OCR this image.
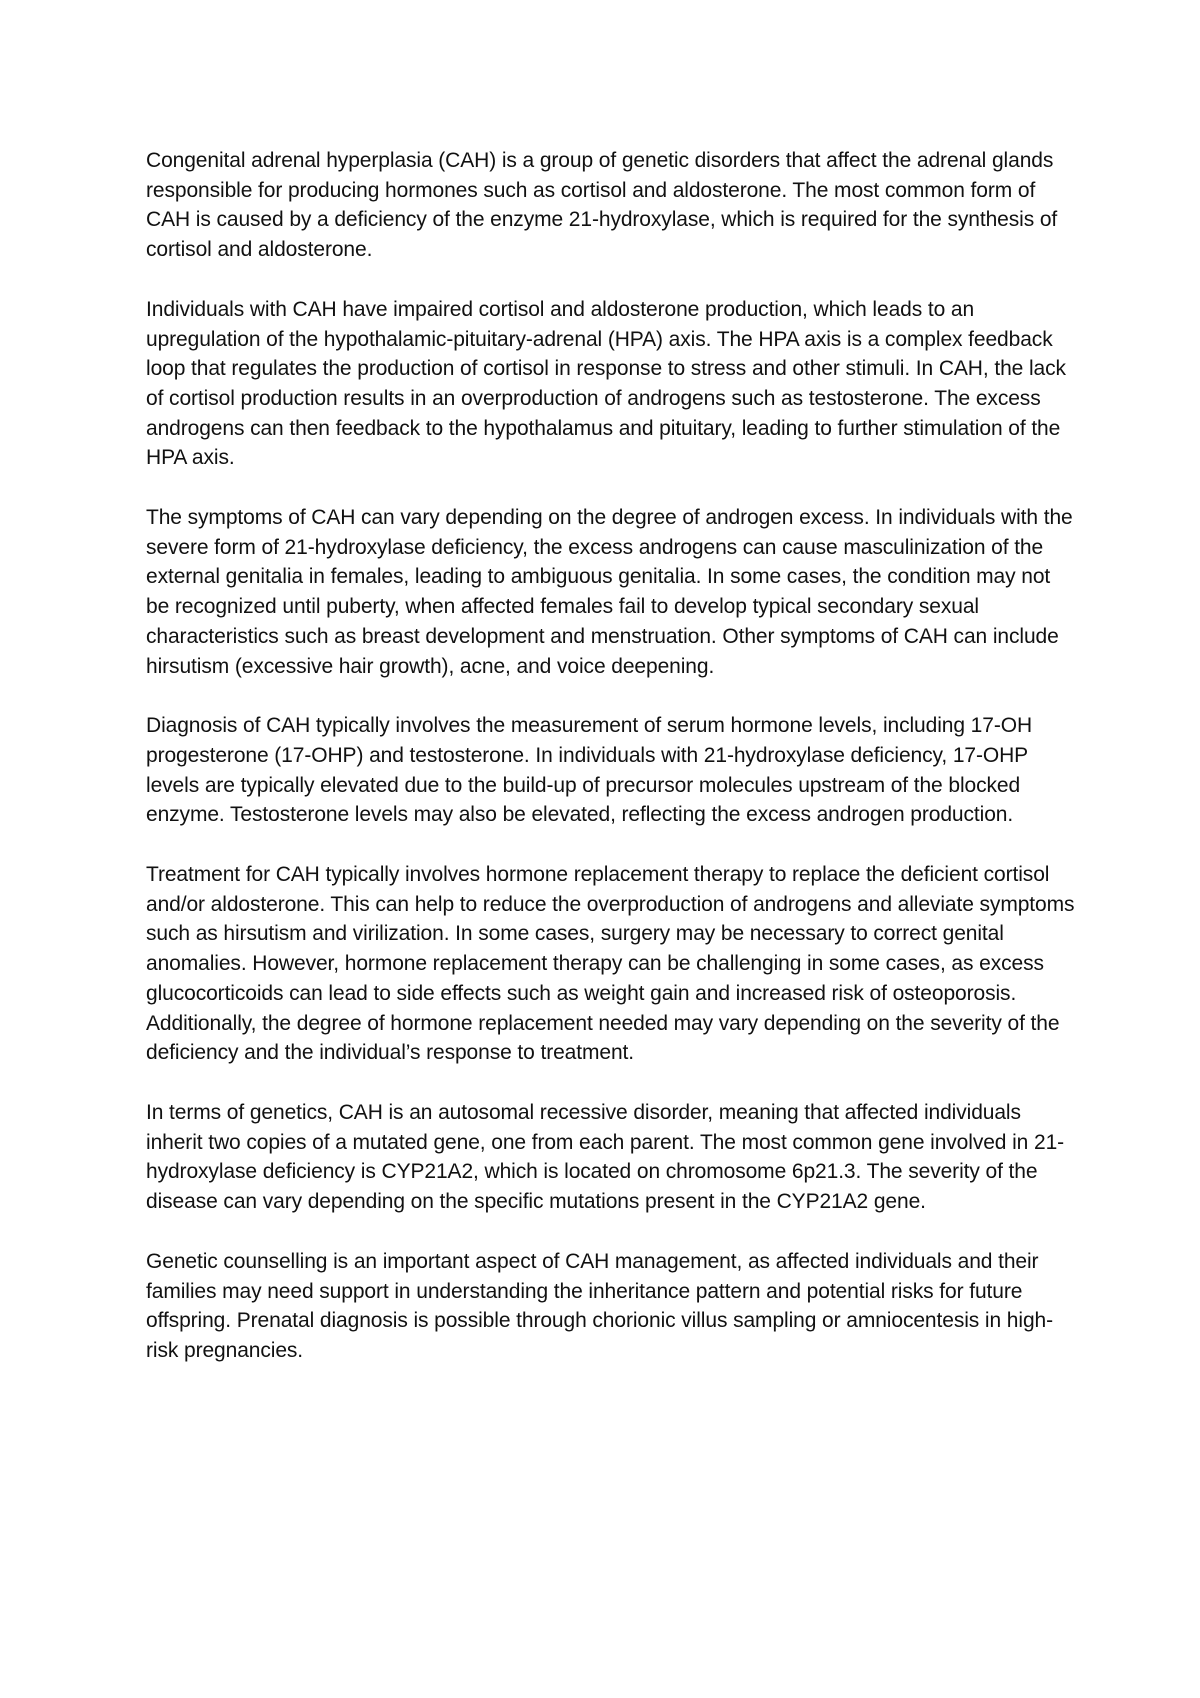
Congenital adrenal hyperplasia (CAH) is a group of genetic disorders that affect the adrenal glands responsible for producing hormones such as cortisol and aldosterone. The most common form of CAH is caused by a deficiency of the enzyme 21-hydroxylase, which is required for the synthesis of cortisol and aldosterone.

Individuals with CAH have impaired cortisol and aldosterone production, which leads to an upregulation of the hypothalamic-pituitary-adrenal (HPA) axis. The HPA axis is a complex feedback loop that regulates the production of cortisol in response to stress and other stimuli. In CAH, the lack of cortisol production results in an overproduction of androgens such as testosterone. The excess androgens can then feedback to the hypothalamus and pituitary, leading to further stimulation of the HPA axis.

The symptoms of CAH can vary depending on the degree of androgen excess. In individuals with the severe form of 21-hydroxylase deficiency, the excess androgens can cause masculinization of the external genitalia in females, leading to ambiguous genitalia. In some cases, the condition may not be recognized until puberty, when affected females fail to develop typical secondary sexual characteristics such as breast development and menstruation. Other symptoms of CAH can include hirsutism (excessive hair growth), acne, and voice deepening.

Diagnosis of CAH typically involves the measurement of serum hormone levels, including 17-OH progesterone (17-OHP) and testosterone. In individuals with 21-hydroxylase deficiency, 17-OHP levels are typically elevated due to the build-up of precursor molecules upstream of the blocked enzyme. Testosterone levels may also be elevated, reflecting the excess androgen production.

Treatment for CAH typically involves hormone replacement therapy to replace the deficient cortisol and/or aldosterone. This can help to reduce the overproduction of androgens and alleviate symptoms such as hirsutism and virilization. In some cases, surgery may be necessary to correct genital anomalies. However, hormone replacement therapy can be challenging in some cases, as excess glucocorticoids can lead to side effects such as weight gain and increased risk of osteoporosis. Additionally, the degree of hormone replacement needed may vary depending on the severity of the deficiency and the individual’s response to treatment.

In terms of genetics, CAH is an autosomal recessive disorder, meaning that affected individuals inherit two copies of a mutated gene, one from each parent. The most common gene involved in 21-hydroxylase deficiency is CYP21A2, which is located on chromosome 6p21.3. The severity of the disease can vary depending on the specific mutations present in the CYP21A2 gene.

Genetic counselling is an important aspect of CAH management, as affected individuals and their families may need support in understanding the inheritance pattern and potential risks for future offspring. Prenatal diagnosis is possible through chorionic villus sampling or amniocentesis in high-risk pregnancies.
